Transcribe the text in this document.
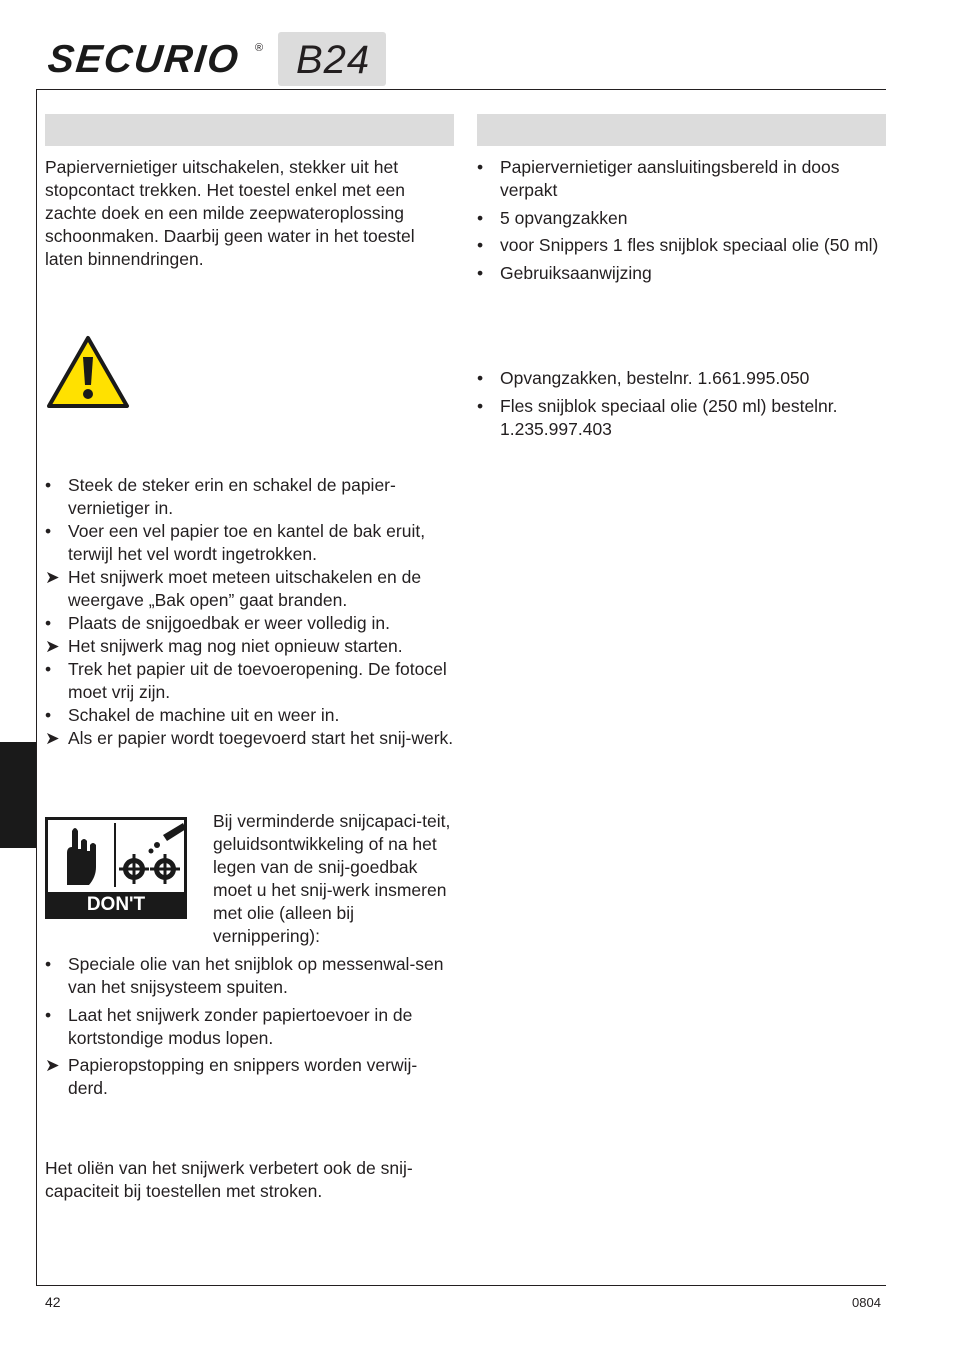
SECURIO ® B24

Papiervernietiger uitschakelen, stekker uit het stopcontact trekken. Het toestel enkel met een zachte doek en een milde zeepwateroplossing schoonmaken. Daarbij geen water in het toestel laten binnendringen.

• Steek de steker erin en schakel de papier-vernietiger in.
• Voer een vel papier toe en kantel de bak eruit, terwijl het vel wordt ingetrokken.
➤ Het snijwerk moet meteen uitschakelen en de weergave „Bak open” gaat branden.
• Plaats de snijgoedbak er weer volledig in.
➤ Het snijwerk mag nog niet opnieuw starten.
• Trek het papier uit de toevoeropening. De fotocel moet vrij zijn.
• Schakel de machine uit en weer in.
➤ Als er papier wordt toegevoerd start het snij-werk.
DON'T FORGET

Bij verminderde snijcapaci-teit, geluidsontwikkeling of na het legen van de snij-goedbak moet u het snij-werk insmeren met olie (alleen bij vernippering):

• Speciale olie van het snijblok op messenwal-sen van het snijsysteem spuiten.
• Laat het snijwerk zonder papiertoevoer in de kortstondige modus lopen.
➤ Papieropstopping en snippers worden verwij-derd.

Het oliën van het snijwerk verbetert ook de snij-capaciteit bij toestellen met stroken.

• Papiervernietiger aansluitingsbereld in doos verpakt
• 5 opvangzakken
• voor Snippers 1 fles snijblok speciaal olie (50 ml)
• Gebruiksaanwijzing
• Opvangzakken, bestelnr. 1.661.995.050
• Fles snijblok speciaal olie (250 ml) bestelnr. 1.235.997.403
42	0804
